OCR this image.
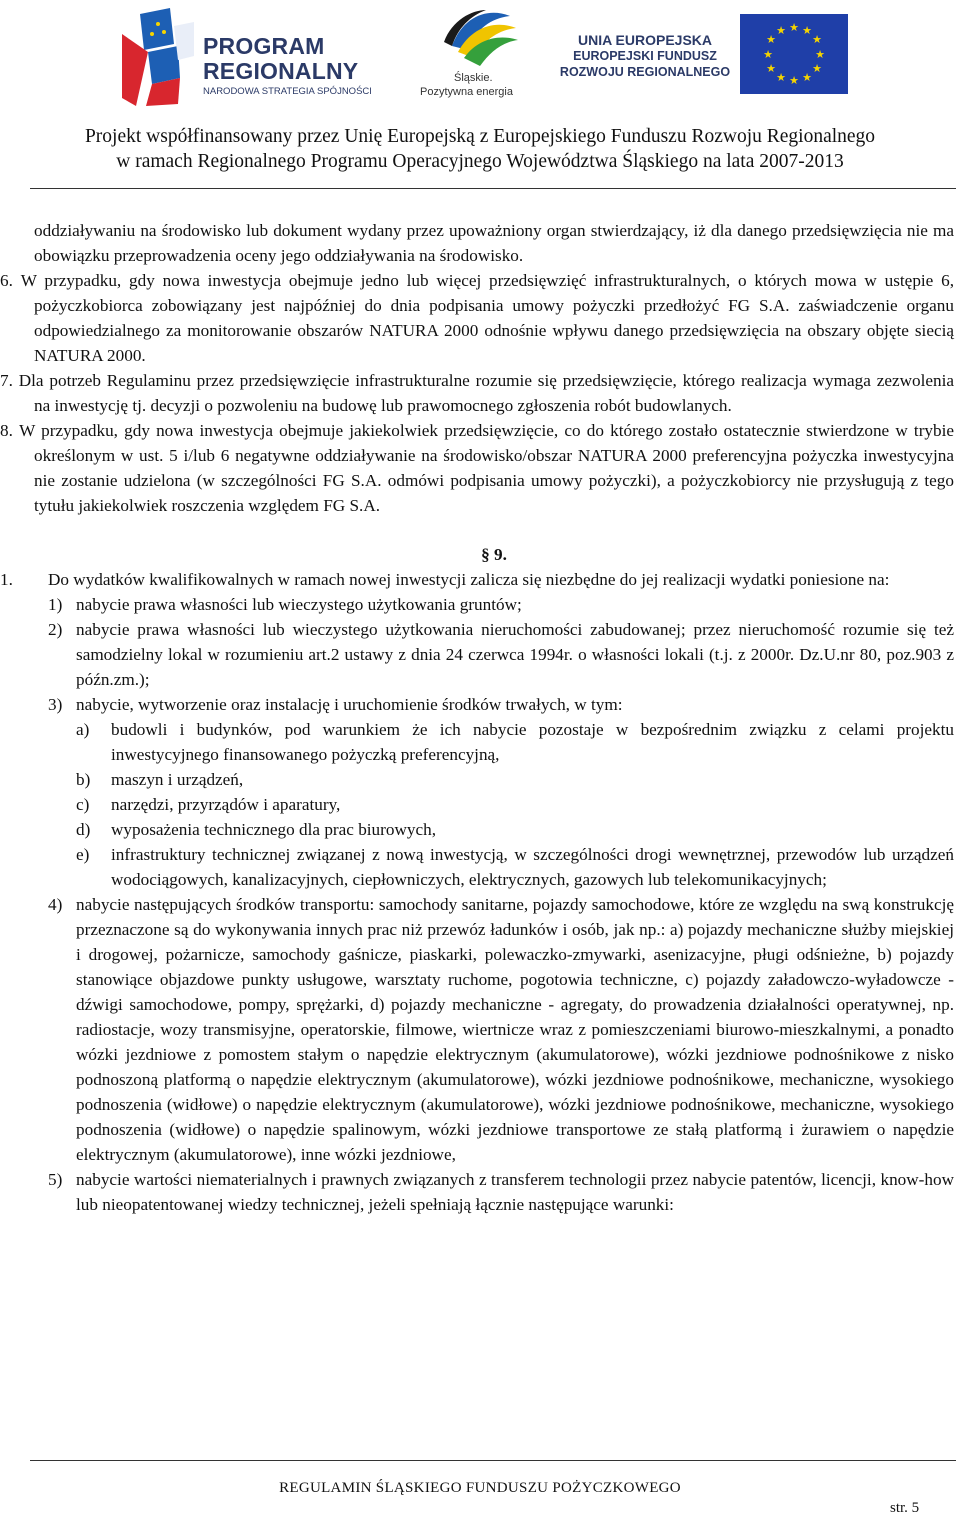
PROGRAM
REGIONALNY
NARODOWA STRATEGIA SPÓJNOŚCI
Śląskie.
Pozytywna energia
UNIA EUROPEJSKA
EUROPEJSKI FUNDUSZ
ROZWOJU REGIONALNEGO
★ ★
★
★
★
★
★
★
★
★
★
★
Projekt współfinansowany przez Unię Europejską z Europejskiego Funduszu Rozwoju Regionalnego
w ramach Regionalnego Programu Operacyjnego Województwa Śląskiego na lata 2007-2013
oddziaływaniu na środowisko lub dokument wydany przez upoważniony organ stwierdzający, iż dla danego przedsięwzięcia nie ma obowiązku przeprowadzenia oceny jego oddziaływania na środowisko.
6. W przypadku, gdy nowa inwestycja obejmuje jedno lub więcej przedsięwzięć infrastrukturalnych, o których mowa w ustępie 6, pożyczkobiorca zobowiązany jest najpóźniej do dnia podpisania umowy pożyczki przedłożyć FG S.A. zaświadczenie organu odpowiedzialnego za monitorowanie obszarów NATURA 2000 odnośnie wpływu danego przedsięwzięcia na obszary objęte siecią NATURA 2000.
7. Dla potrzeb Regulaminu przez przedsięwzięcie infrastrukturalne rozumie się przedsięwzięcie, którego realizacja wymaga zezwolenia na inwestycję tj. decyzji o pozwoleniu na budowę lub prawomocnego zgłoszenia robót budowlanych.
8. W przypadku, gdy nowa inwestycja obejmuje jakiekolwiek przedsięwzięcie, co do którego zostało ostatecznie stwierdzone w trybie określonym w ust. 5 i/lub 6 negatywne oddziaływanie na środowisko/obszar NATURA 2000 preferencyjna pożyczka inwestycyjna nie zostanie udzielona (w szczególności FG S.A. odmówi podpisania umowy pożyczki), a pożyczkobiorcy nie przysługują z tego tytułu jakiekolwiek roszczenia względem FG S.A.
§ 9.
1. Do wydatków kwalifikowalnych w ramach nowej inwestycji zalicza się niezbędne do jej realizacji wydatki poniesione na:
1) nabycie prawa własności lub wieczystego użytkowania gruntów;
2) nabycie prawa własności lub wieczystego użytkowania nieruchomości zabudowanej; przez nieruchomość rozumie się też samodzielny lokal w rozumieniu art.2 ustawy z dnia 24 czerwca 1994r. o własności lokali (t.j. z 2000r. Dz.U.nr 80, poz.903 z późn.zm.);
3) nabycie, wytworzenie oraz instalację i uruchomienie środków trwałych, w tym:
a) budowli i budynków, pod warunkiem że ich nabycie pozostaje w bezpośrednim związku z celami projektu inwestycyjnego finansowanego pożyczką preferencyjną,
b) maszyn i urządzeń,
c) narzędzi, przyrządów i aparatury,
d) wyposażenia technicznego dla prac biurowych,
e) infrastruktury technicznej związanej z nową inwestycją, w szczególności drogi wewnętrznej, przewodów lub urządzeń wodociągowych, kanalizacyjnych, ciepłowniczych, elektrycznych, gazowych lub telekomunikacyjnych;
4) nabycie następujących środków transportu: samochody sanitarne, pojazdy samochodowe, które ze względu na swą konstrukcję przeznaczone są do wykonywania innych prac niż przewóz ładunków i osób, jak np.: a) pojazdy mechaniczne służby miejskiej i drogowej, pożarnicze, samochody gaśnicze, piaskarki, polewaczko-zmywarki, asenizacyjne, pługi odśnieżne, b) pojazdy stanowiące objazdowe punkty usługowe, warsztaty ruchome, pogotowia techniczne, c) pojazdy załadowczo-wyładowcze - dźwigi samochodowe, pompy, sprężarki, d) pojazdy mechaniczne - agregaty, do prowadzenia działalności operatywnej, np. radiostacje, wozy transmisyjne, operatorskie, filmowe, wiertnicze wraz z pomieszczeniami biurowo-mieszkalnymi, a ponadto wózki jezdniowe z pomostem stałym o napędzie elektrycznym (akumulatorowe), wózki jezdniowe podnośnikowe z nisko podnoszoną platformą o napędzie elektrycznym (akumulatorowe), wózki jezdniowe podnośnikowe, mechaniczne, wysokiego podnoszenia (widłowe) o napędzie elektrycznym (akumulatorowe), wózki jezdniowe podnośnikowe, mechaniczne, wysokiego podnoszenia (widłowe) o napędzie spalinowym, wózki jezdniowe transportowe ze stałą platformą i żurawiem o napędzie elektrycznym (akumulatorowe), inne wózki jezdniowe,
5) nabycie wartości niematerialnych i prawnych związanych z transferem technologii przez nabycie patentów, licencji, know-how lub nieopatentowanej wiedzy technicznej, jeżeli spełniają łącznie następujące warunki:
REGULAMIN ŚLĄSKIEGO FUNDUSZU POŻYCZKOWEGO
str. 5
